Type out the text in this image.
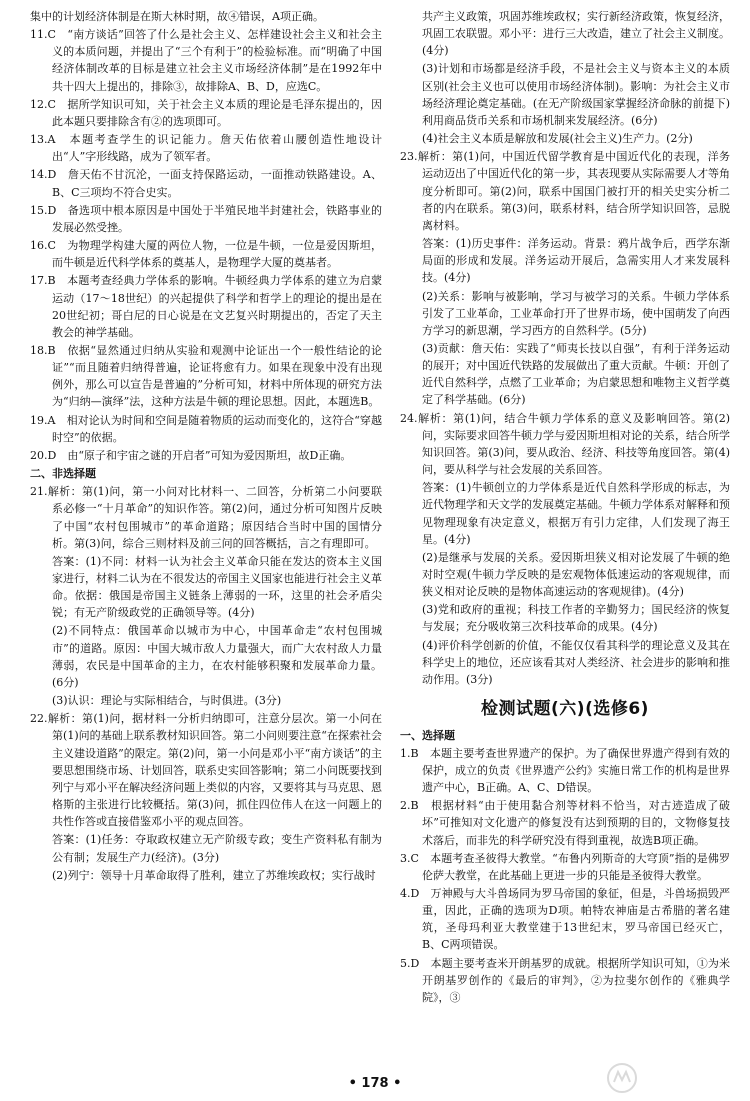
集中的计划经济体制是在斯大林时期，故④错误，A项正确。

11.C　“南方谈话”回答了什么是社会主义、怎样建设社会主义和社会主义的本质问题，并提出了“三个有利于”的检验标准。而“明确了中国经济体制改革的目标是建立社会主义市场经济体制”是在1992年中共十四大上提出的，排除③，故排除A、B、D，应选C。

12.C　据所学知识可知，关于社会主义本质的理论是毛泽东提出的，因此本题只要排除含有②的选项即可。

13.A　本题考查学生的识记能力。詹天佑依着山腰创造性地设计出“人”字形线路，成为了领军者。

14.D　詹天佑不甘沉沦，一面支持保路运动，一面推动铁路建设。A、B、C三项均不符合史实。

15.D　备选项中根本原因是中国处于半殖民地半封建社会，铁路事业的发展必然受挫。

16.C　为物理学构建大厦的两位人物，一位是牛顿，一位是爱因斯坦，而牛顿是近代科学体系的奠基人，是物理学大厦的奠基者。

17.B　本题考查经典力学体系的影响。牛顿经典力学体系的建立为启蒙运动（17～18世纪）的兴起提供了科学和哲学上的理论的提出是在20世纪初；哥白尼的日心说是在文艺复兴时期提出的，否定了天主教会的神学基础。

18.B　依据“显然通过归纳从实验和观测中论证出一个一般性结论的论证”“而且随着归纳得普遍，论证将愈有力。如果在现象中没有出现例外，那么可以宣告是普遍的”分析可知，材料中所体现的研究方法为“归纳—演绎”法，这种方法是牛顿的理论思想。因此，本题选B。

19.A　相对论认为时间和空间是随着物质的运动而变化的，这符合“穿越时空”的依据。

20.D　由“原子和宇宙之谜的开启者”可知为爱因斯坦，故D正确。

二、非选择题

21.解析：第(1)问，第一小问对比材料一、二回答，分析第二小问要联系必修一“十月革命”的知识作答。第(2)问，通过分析可知图片反映了中国“农村包围城市”的革命道路；原因结合当时中国的国情分析。第(3)问，综合三则材料及前三问的回答概括，言之有理即可。

答案：(1)不同：材料一认为社会主义革命只能在发达的资本主义国家进行，材料二认为在不很发达的帝国主义国家也能进行社会主义革命。依据：俄国是帝国主义链条上薄弱的一环，这里的社会矛盾尖锐；有无产阶级政党的正确领导等。(4分)

(2)不同特点：俄国革命以城市为中心，中国革命走“农村包围城市”的道路。原因：中国大城市敌人力量强大，而广大农村敌人力量薄弱，农民是中国革命的主力，在农村能够积聚和发展革命力量。(6分)

(3)认识：理论与实际相结合，与时俱进。(3分)

22.解析：第(1)问，据材料一分析归纳即可，注意分层次。第一小问在第(1)问的基础上联系教材知识回答。第二小问则要注意“在探索社会主义建设道路”的限定。第(2)问，第一小问是邓小平“南方谈话”的主要思想围绕市场、计划回答，联系史实回答影响；第二小问既要找到列宁与邓小平在解决经济问题上类似的内容，又要将其与马克思、恩格斯的主张进行比较概括。第(3)问，抓住四位伟人在这一问题上的共性作答或直接借鉴邓小平的观点回答。

答案：(1)任务：夺取政权建立无产阶级专政；变生产资料私有制为公有制；发展生产力(经济)。(3分)

(2)列宁：领导十月革命取得了胜利，建立了苏维埃政权；实行战时

共产主义政策，巩固苏维埃政权；实行新经济政策，恢复经济，巩固工农联盟。邓小平：进行三大改造，建立了社会主义制度。(4分)

(3)计划和市场都是经济手段，不是社会主义与资本主义的本质区别(社会主义也可以使用市场经济体制)。影响：为社会主义市场经济理论奠定基础。(在无产阶级国家掌握经济命脉的前提下)利用商品货币关系和市场机制来发展经济。(6分)

(4)社会主义本质是解放和发展(社会主义)生产力。(2分)

23.解析：第(1)问，中国近代留学教育是中国近代化的表现，洋务运动迈出了中国近代化的第一步，其表现要从实际需要人才等角度分析即可。第(2)问，联系中国国门被打开的相关史实分析二者的内在联系。第(3)问，联系材料，结合所学知识回答，忌脱离材料。

答案：(1)历史事件：洋务运动。背景：鸦片战争后，西学东渐局面的形成和发展。洋务运动开展后，急需实用人才来发展科技。(4分)

(2)关系：影响与被影响，学习与被学习的关系。牛顿力学体系引发了工业革命，工业革命打开了世界市场，使中国萌发了向西方学习的新思潮，学习西方的自然科学。(5分)

(3)贡献：詹天佑：实践了“师夷长技以自强”，有利于洋务运动的展开；对中国近代铁路的发展做出了重大贡献。牛顿：开创了近代自然科学，点燃了工业革命；为启蒙思想和唯物主义哲学奠定了科学基础。(6分)

24.解析：第(1)问，结合牛顿力学体系的意义及影响回答。第(2)问，实际要求回答牛顿力学与爱因斯坦相对论的关系，结合所学知识回答。第(3)问，要从政治、经济、科技等角度回答。第(4)问，要从科学与社会发展的关系回答。

答案：(1)牛顿创立的力学体系是近代自然科学形成的标志，为近代物理学和天文学的发展奠定基础。牛顿力学体系对解释和预见物理现象有决定意义，根据万有引力定律，人们发现了海王星。(4分)

(2)是继承与发展的关系。爱因斯坦狭义相对论发展了牛顿的绝对时空观(牛顿力学反映的是宏观物体低速运动的客观规律，而狭义相对论反映的是物体高速运动的客观规律)。(4分)

(3)党和政府的重视；科技工作者的辛勤努力；国民经济的恢复与发展；充分吸收第三次科技革命的成果。(4分)

(4)评价科学创新的价值，不能仅仅看其科学的理论意义及其在科学史上的地位，还应该看其对人类经济、社会进步的影响和推动作用。(3分)

检测试题(六)(选修6)

一、选择题

1.B　本题主要考查世界遗产的保护。为了确保世界遗产得到有效的保护，成立的负责《世界遗产公约》实施日常工作的机构是世界遗产中心，B正确。A、C、D错误。

2.B　根据材料“由于使用黏合剂等材料不恰当，对古迹造成了破坏”可推知对文化遗产的修复没有达到预期的目的，文物修复技术落后，而非先的科学研究没有得到重视，故选B项正确。

3.C　本题考查圣彼得大教堂。“布鲁内列斯奇的大穹顶”指的是佛罗伦萨大教堂，在此基础上更进一步的只能是圣彼得大教堂。

4.D　万神殿与大斗兽场同为罗马帝国的象征，但是，斗兽场损毁严重，因此，正确的选项为D项。帕特农神庙是古希腊的著名建筑，圣母玛利亚大教堂建于13世纪末，罗马帝国已经灭亡，B、C两项错误。

5.D　本题主要考查米开朗基罗的成就。根据所学知识可知，①为米开朗基罗创作的《最后的审判》，②为拉斐尔创作的《雅典学院》，③

• 178 •
